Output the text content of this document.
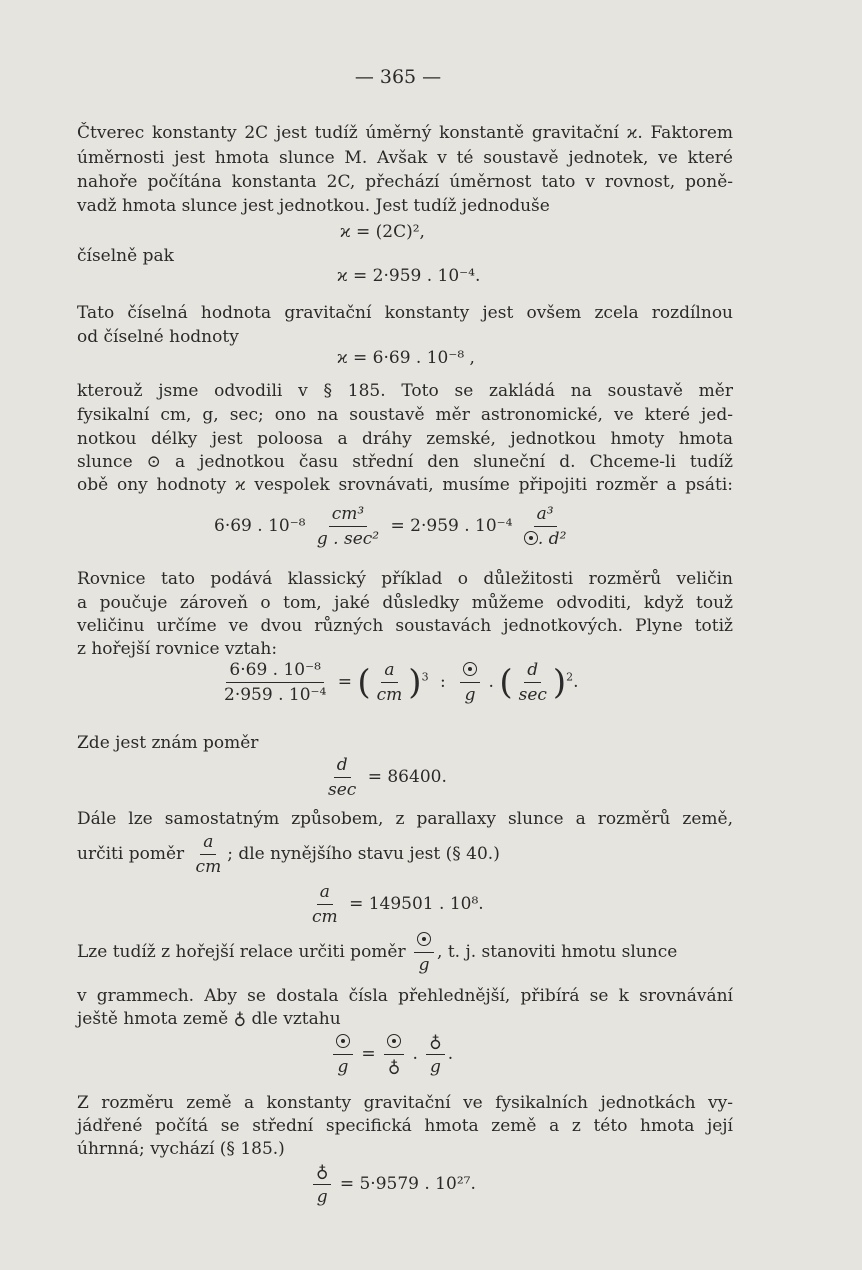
— 365 —
Čtverec konstanty 2C jest tudíž úměrný konstantě gravitační ϰ. Faktorem
úměrnosti jest hmota slunce M. Avšak v té soustavě jednotek, ve které
nahoře počítána konstanta 2C, přechází úměrnost tato v rovnost, poně-
vadž hmota slunce jest jednotkou. Jest tudíž jednoduše
ϰ = (2C)²,
číselně pak
ϰ = 2·959 . 10⁻⁴.
Tato číselná hodnota gravitační konstanty jest ovšem zcela rozdílnou
od číselné hodnoty
ϰ = 6·69 . 10⁻⁸ ,
kterouž jsme odvodili v § 185. Toto se zakládá na soustavě měr
fysikalní cm, g, sec; ono na soustavě měr astronomické, ve které jed-
notkou délky jest poloosa a dráhy zemské, jednotkou hmoty hmota
slunce ⊙ a jednotkou času střední den sluneční d. Chceme-li tudíž
obě ony hodnoty ϰ vespolek srovnávati, musíme připojiti rozměr a psáti:
6·69 . $10^{-8} \frac{\text{cm³}}{\text{g . sec²}} = 2\cdot 959$ . $10^{-4} \frac{\text{a³}}{\text{. d²}}$
Rovnice tato podává klassický příklad o důležitosti rozměrů veličin
a poučuje zároveň o tom, jaké důsledky můžeme odvoditi, když touž
veličinu určíme ve dvou různých soustavách jednotkových. Plyne totiž
z hořejší rovnice vztah:
$\frac{\text{6·69 . 10⁻⁸}}{\text{2·959 . 10⁻⁴}}$ = ( $\frac{a}{cm} )^3$ :
g
. ( $\frac{d}{\sec} )^2$.
Zde jest znám poměr
$\frac{d}{\sec} = 86400$.
Dále lze samostatným způsobem, z parallaxy slunce a rozměrů země,
určiti poměr $\frac{a}{cm}$ ; dle nynějšího stavu jest (§ 40.)
$\frac{a}{cm} = 149501$ . 10⁸.
Lze tudíž z hořejší relace určiti poměr
g
, t. j. stanoviti hmotu slunce
v grammech. Aby se dostala čísla přehlednější, přibírá se k srovnávání
ještě hmota země ♁ dle vztahu
g
=
♁
. $\frac{♁}{g}$ .
Z rozměru země a konstanty gravitační ve fysikalních jednotkách vy-
jádřené počítá se střední specifická hmota země a z této hmota její
úhrnná; vychází (§ 185.)
$\frac{♁}{g} = 5\cdot 9579$ . 10²⁷.
